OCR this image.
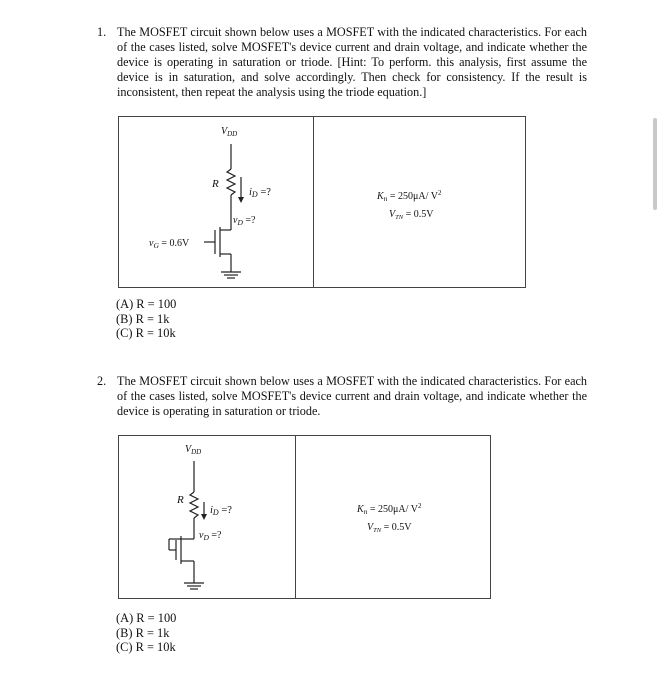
1. The MOSFET circuit shown below uses a MOSFET with the indicated characteristics. For each of the cases listed, solve MOSFET's device current and drain voltage, and indicate whether the device is operating in saturation or triode. [Hint: To perform. this analysis, first assume the device is in saturation, and solve accordingly. Then check for consistency. If the result is inconsistent, then repeat the analysis using the triode equation.]
$V_{DD}$
R
iD =?
$v_D$ =?
$v_G = 0.6V$
$K_n = 250\mu A/$ $V^2$
$V_{TN} = 0.5V$
(A) R = 100
(B) R = 1k
(C) R = 10k
2. The MOSFET circuit shown below uses a MOSFET with the indicated characteristics. For each of the cases listed, solve MOSFET's device current and drain voltage, and indicate whether the device is operating in saturation or triode.
$V_{DD}$
R
iD =?
$v_D$ =?
$K_n = 250\mu A/$ $V^2$
$V_{TN} = 0.5V$
(A) R = 100
(B) R = 1k
(C) R = 10k
